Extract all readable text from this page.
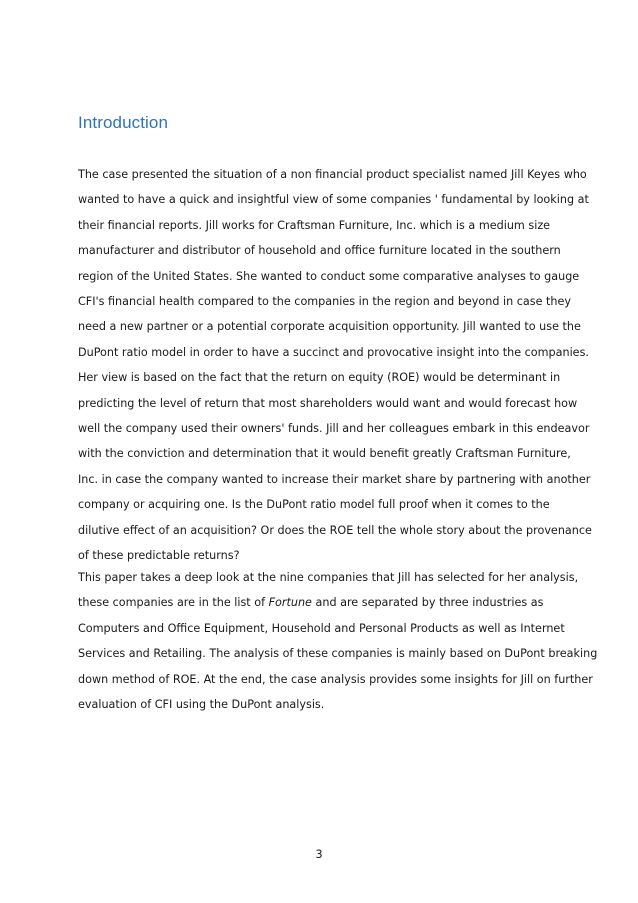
Introduction

The case presented the situation of a non financial product specialist named Jill Keyes who
wanted to have a quick and insightful view of some companies ' fundamental by looking at
their financial reports. Jill works for Craftsman Furniture, Inc. which is a medium size
manufacturer and distributor of household and office furniture located in the southern
region of the United States. She wanted to conduct some comparative analyses to gauge
CFI's financial health compared to the companies in the region and beyond in case they
need a new partner or a potential corporate acquisition opportunity. Jill wanted to use the
DuPont ratio model in order to have a succinct and provocative insight into the companies.
Her view is based on the fact that the return on equity (ROE) would be determinant in
predicting the level of return that most shareholders would want and would forecast how
well the company used their owners' funds. Jill and her colleagues embark in this endeavor
with the conviction and determination that it would benefit greatly Craftsman Furniture,
Inc. in case the company wanted to increase their market share by partnering with another
company or acquiring one. Is the DuPont ratio model full proof when it comes to the
dilutive effect of an acquisition? Or does the ROE tell the whole story about the provenance
of these predictable returns?

This paper takes a deep look at the nine companies that Jill has selected for her analysis,
these companies are in the list of Fortune and are separated by three industries as
Computers and Office Equipment, Household and Personal Products as well as Internet
Services and Retailing. The analysis of these companies is mainly based on DuPont breaking
down method of ROE. At the end, the case analysis provides some insights for Jill on further
evaluation of CFI using the DuPont analysis.

3
